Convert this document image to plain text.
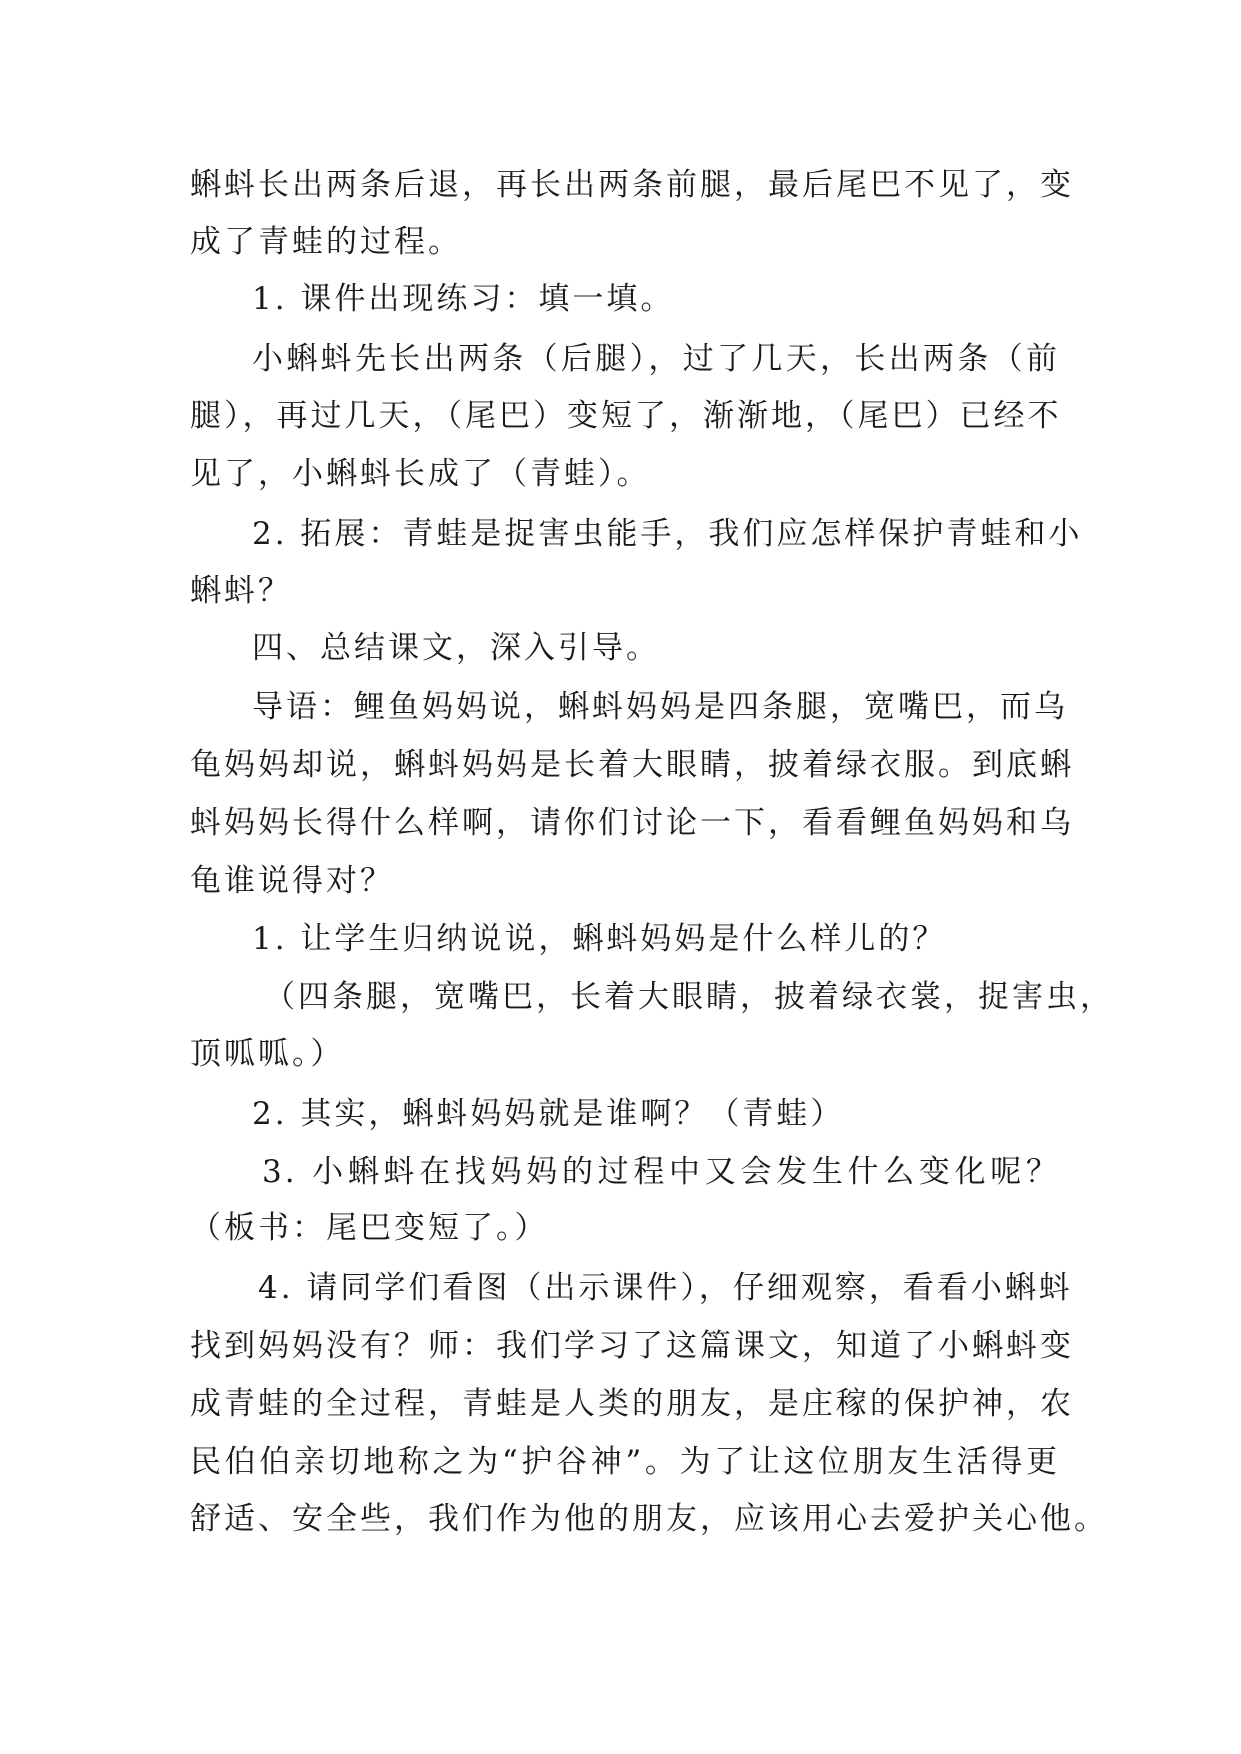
蝌蚪长出两条后退，再长出两条前腿，最后尾巴不见了，变
成了青蛙的过程。
1. 课件出现练习：填一填。
小蝌蚪先长出两条（后腿），过了几天，长出两条（前
腿），再过几天，（尾巴）变短了，渐渐地，（尾巴）已经不
见了，小蝌蚪长成了（青蛙）。
2. 拓展：青蛙是捉害虫能手，我们应怎样保护青蛙和小
蝌蚪？
四、总结课文，深入引导。
导语：鲤鱼妈妈说，蝌蚪妈妈是四条腿，宽嘴巴，而乌
龟妈妈却说，蝌蚪妈妈是长着大眼睛，披着绿衣服。到底蝌
蚪妈妈长得什么样啊，请你们讨论一下，看看鲤鱼妈妈和乌
龟谁说得对？
1. 让学生归纳说说，蝌蚪妈妈是什么样儿的？
（四条腿，宽嘴巴，长着大眼睛，披着绿衣裳，捉害虫，
顶呱呱。）
2. 其实，蝌蚪妈妈就是谁啊？（青蛙）
3. 小蝌蚪在找妈妈的过程中又会发生什么变化呢？
（板书：尾巴变短了。）
4. 请同学们看图（出示课件），仔细观察，看看小蝌蚪
找到妈妈没有？师：我们学习了这篇课文，知道了小蝌蚪变
成青蛙的全过程，青蛙是人类的朋友，是庄稼的保护神，农
民伯伯亲切地称之为“护谷神”。为了让这位朋友生活得更
舒适、安全些，我们作为他的朋友，应该用心去爱护关心他。
